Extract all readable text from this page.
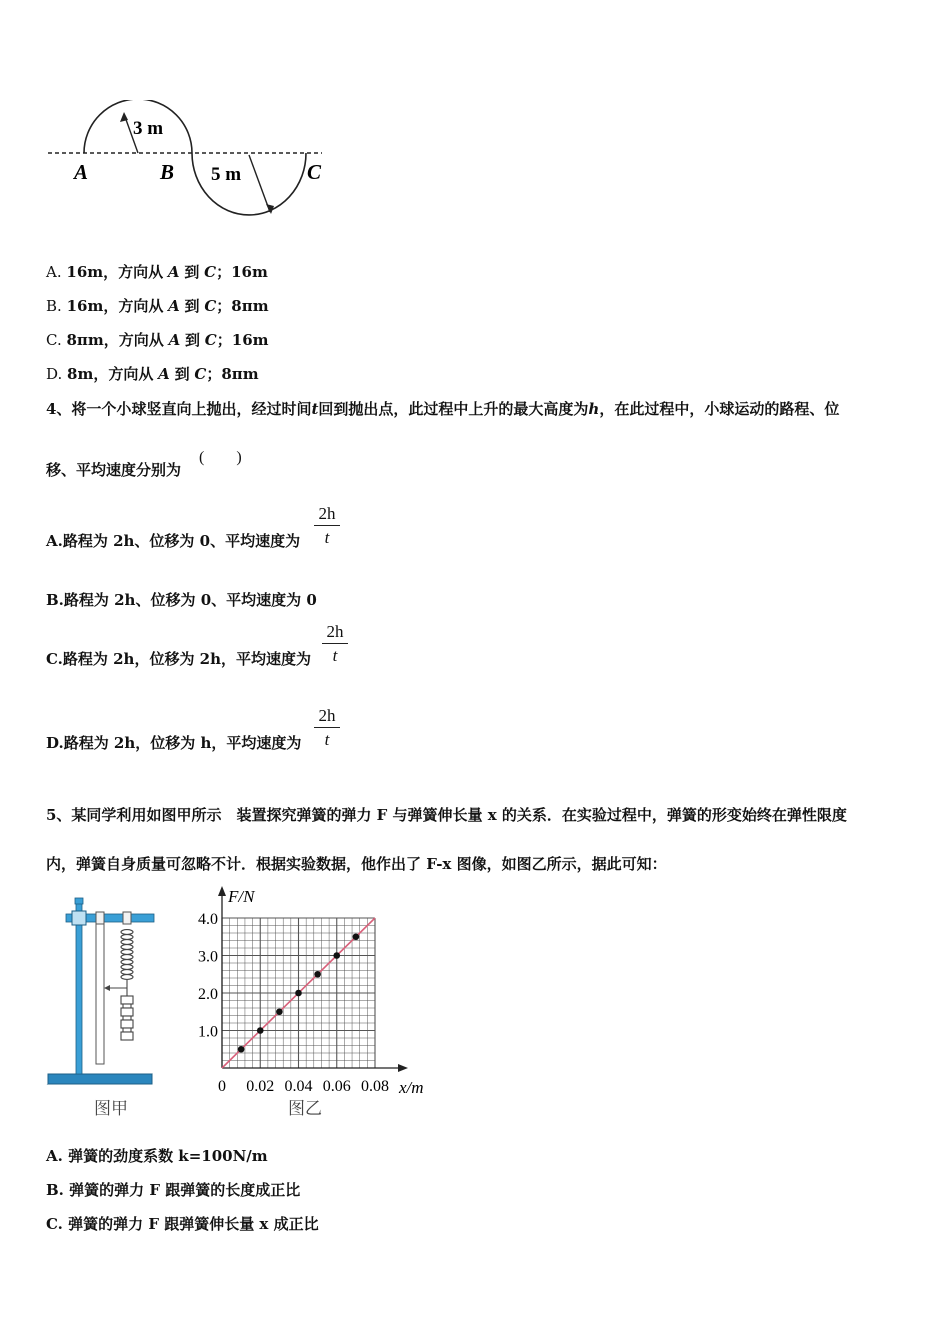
3 m
5 m
A	B	C
A. 16m，方向从 A 到 C；16m
B. 16m，方向从 A 到 C；8πm
C. 8πm，方向从 A 到 C；16m
D. 8m，方向从 A 到 C；8πm
4、将一个小球竖直向上抛出，经过时间t回到抛出点，此过程中上升的最大高度为h，在此过程中，小球运动的路程、位
移、平均速度分别为
(　　)
A.路程为 2h、位移为 0、平均速度为 $\frac{2h}{t}$
B.路程为 2h、位移为 0、平均速度为 0
C.路程为 2h，位移为 2h，平均速度为 $\frac{2h}{t}$
D.路程为 2h，位移为 h，平均速度为 $\frac{2h}{t}$
5、某同学利用如图甲所示　装置探究弹簧的弹力 F 与弹簧伸长量 x 的关系．在实验过程中，弹簧的形变始终在弹性限度
内，弹簧自身质量可忽略不计．根据实验数据，他作出了 F-x 图像，如图乙所示，据此可知：
图甲
0 0.02 0.04 0.06 0.08
1.0
2.0
3.0
4.0
F/N
x/m
图乙
A. 弹簧的劲度系数 k=100N/m
B. 弹簧的弹力 F 跟弹簧的长度成正比
C. 弹簧的弹力 F 跟弹簧伸长量 x 成正比
